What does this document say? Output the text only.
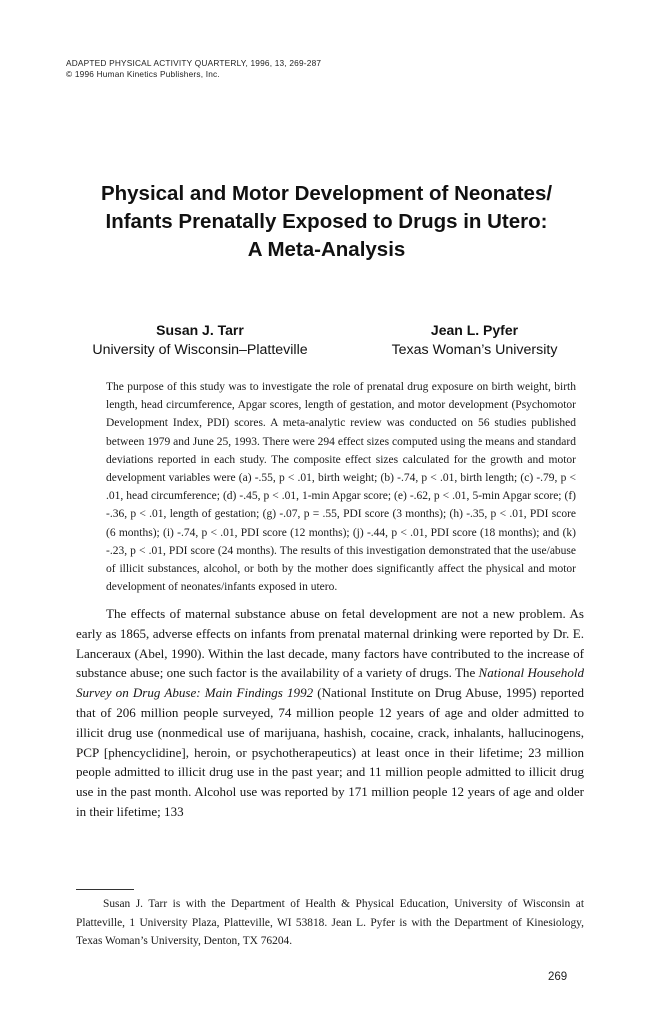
ADAPTED PHYSICAL ACTIVITY QUARTERLY, 1996, 13, 269-287
© 1996 Human Kinetics Publishers, Inc.
Physical and Motor Development of Neonates/
Infants Prenatally Exposed to Drugs in Utero:
A Meta-Analysis
Susan J. Tarr
University of Wisconsin–Platteville
Jean L. Pyfer
Texas Woman’s University

The purpose of this study was to investigate the role of prenatal drug exposure on birth weight, birth length, head circumference, Apgar scores, length of gestation, and motor development (Psychomotor Development Index, PDI) scores. A meta-analytic review was conducted on 56 studies published between 1979 and June 25, 1993. There were 294 effect sizes computed using the means and standard deviations reported in each study. The composite effect sizes calculated for the growth and motor development variables were (a) -.55, p < .01, birth weight; (b) -.74, p < .01, birth length; (c) -.79, p < .01, head circumference; (d) -.45, p < .01, 1-min Apgar score; (e) -.62, p < .01, 5-min Apgar score; (f) -.36, p < .01, length of gestation; (g) -.07, p = .55, PDI score (3 months); (h) -.35, p < .01, PDI score (6 months); (i) -.74, p < .01, PDI score (12 months); (j) -.44, p < .01, PDI score (18 months); and (k) -.23, p < .01, PDI score (24 months). The results of this investigation demonstrated that the use/abuse of illicit substances, alcohol, or both by the mother does significantly affect the physical and motor development of neonates/infants exposed in utero.

The effects of maternal substance abuse on fetal development are not a new problem. As early as 1865, adverse effects on infants from prenatal maternal drinking were reported by Dr. E. Lanceraux (Abel, 1990). Within the last decade, many factors have contributed to the increase of substance abuse; one such factor is the availability of a variety of drugs. The National Household Survey on Drug Abuse: Main Findings 1992 (National Institute on Drug Abuse, 1995) reported that of 206 million people surveyed, 74 million people 12 years of age and older admitted to illicit drug use (nonmedical use of marijuana, hashish, cocaine, crack, inhalants, hallucinogens, PCP [phencyclidine], heroin, or psychotherapeutics) at least once in their lifetime; 23 million people admitted to illicit drug use in the past year; and 11 million people admitted to illicit drug use in the past month. Alcohol use was reported by 171 million people 12 years of age and older in their lifetime; 133

Susan J. Tarr is with the Department of Health & Physical Education, University of Wisconsin at Platteville, 1 University Plaza, Platteville, WI 53818. Jean L. Pyfer is with the Department of Kinesiology, Texas Woman’s University, Denton, TX 76204.

269
